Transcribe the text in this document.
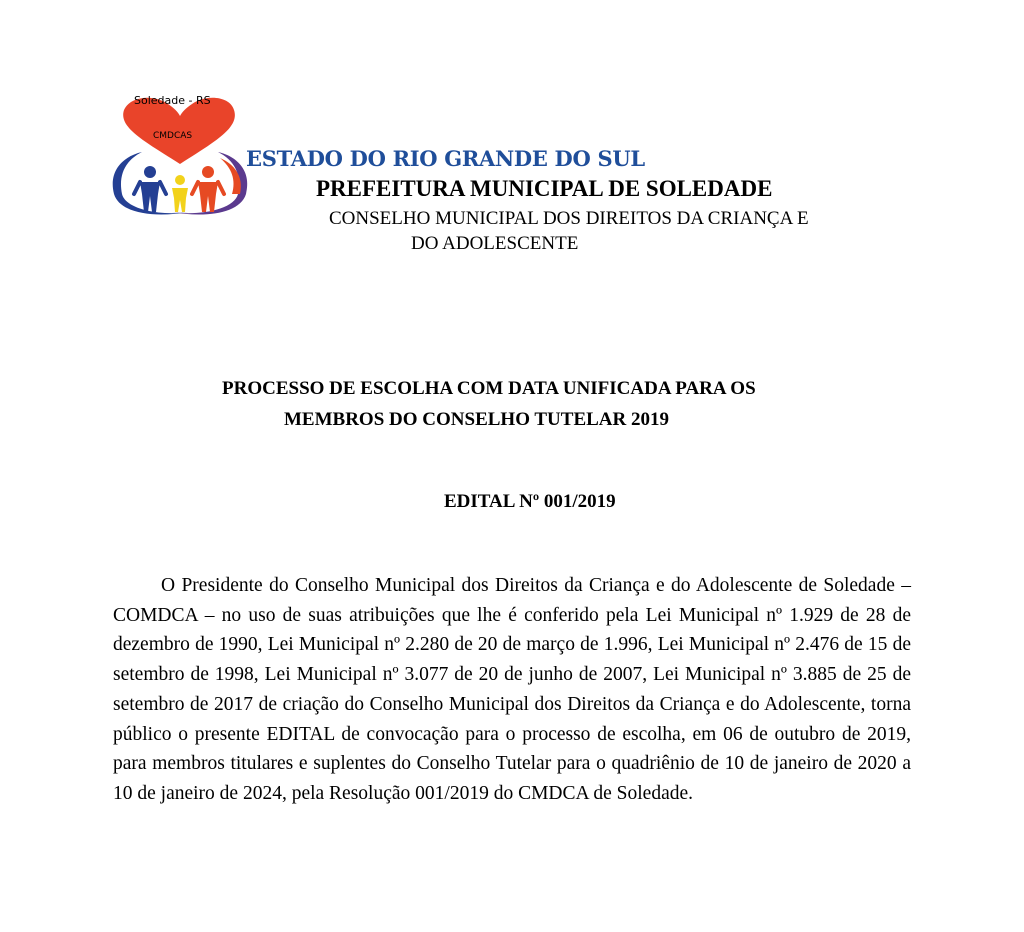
Soledade - RS
CMDCAS
ESTADO DO RIO GRANDE DO SUL
PREFEITURA MUNICIPAL DE SOLEDADE
CONSELHO MUNICIPAL DOS DIREITOS DA CRIANÇA E
DO ADOLESCENTE
PROCESSO DE ESCOLHA COM DATA UNIFICADA PARA OS
MEMBROS DO CONSELHO TUTELAR 2019
EDITAL Nº 001/2019

O Presidente do Conselho Municipal dos Direitos da Criança e do Adolescente de Soledade – COMDCA – no uso de suas atribuições que lhe é conferido pela Lei Municipal nº 1.929 de 28 de dezembro de 1990, Lei Municipal nº 2.280 de 20 de março de 1.996, Lei Municipal nº 2.476 de 15 de setembro de 1998, Lei Municipal nº 3.077 de 20 de junho de 2007, Lei Municipal nº 3.885 de 25 de setembro de 2017 de criação do Conselho Municipal dos Direitos da Criança e do Adolescente, torna público o presente EDITAL de convocação para o processo de escolha, em 06 de outubro de 2019, para membros titulares e suplentes do Conselho Tutelar para o quadriênio de 10 de janeiro de 2020 a 10 de janeiro de 2024, pela Resolução 001/2019 do CMDCA de Soledade.
